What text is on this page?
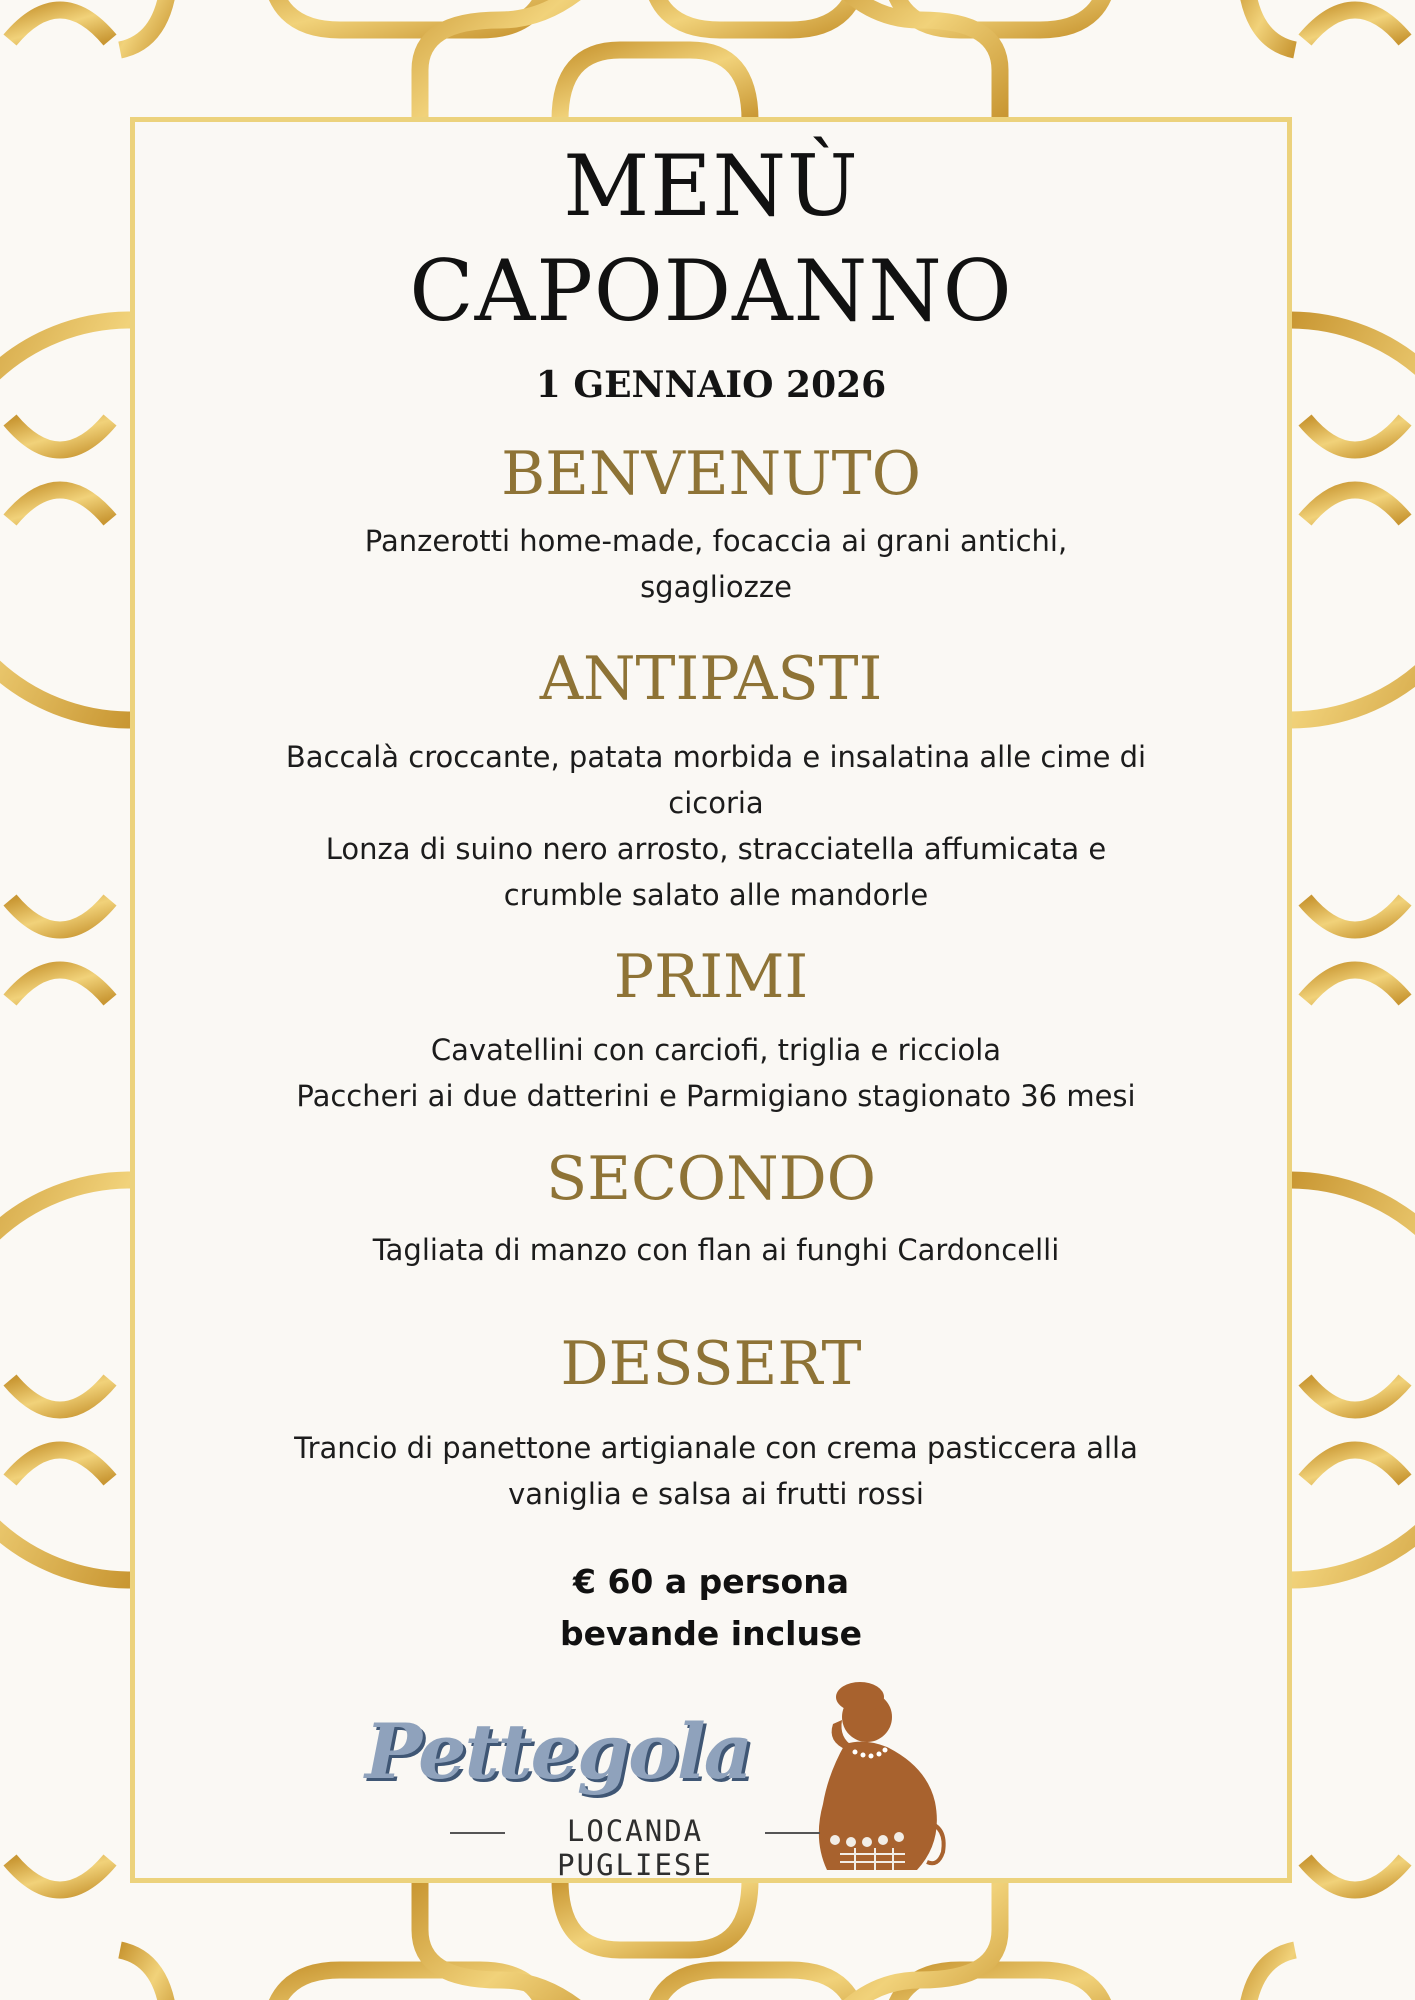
MENÙ
CAPODANNO
1 GENNAIO 2026
BENVENUTO
Panzerotti home-made, focaccia ai grani antichi,
sgagliozze
ANTIPASTI
Baccalà croccante, patata morbida e insalatina alle cime di
cicoria
Lonza di suino nero arrosto, stracciatella affumicata e
crumble salato alle mandorle
PRIMI
Cavatellini con carciofi, triglia e ricciola
Paccheri ai due datterini e Parmigiano stagionato 36 mesi
SECONDO
Tagliata di manzo con flan ai funghi Cardoncelli
DESSERT
Trancio di panettone artigianale con crema pasticcera alla
vaniglia e salsa ai frutti rossi
€ 60 a persona
bevande incluse
Pettegola
LOCANDA PUGLIESE
